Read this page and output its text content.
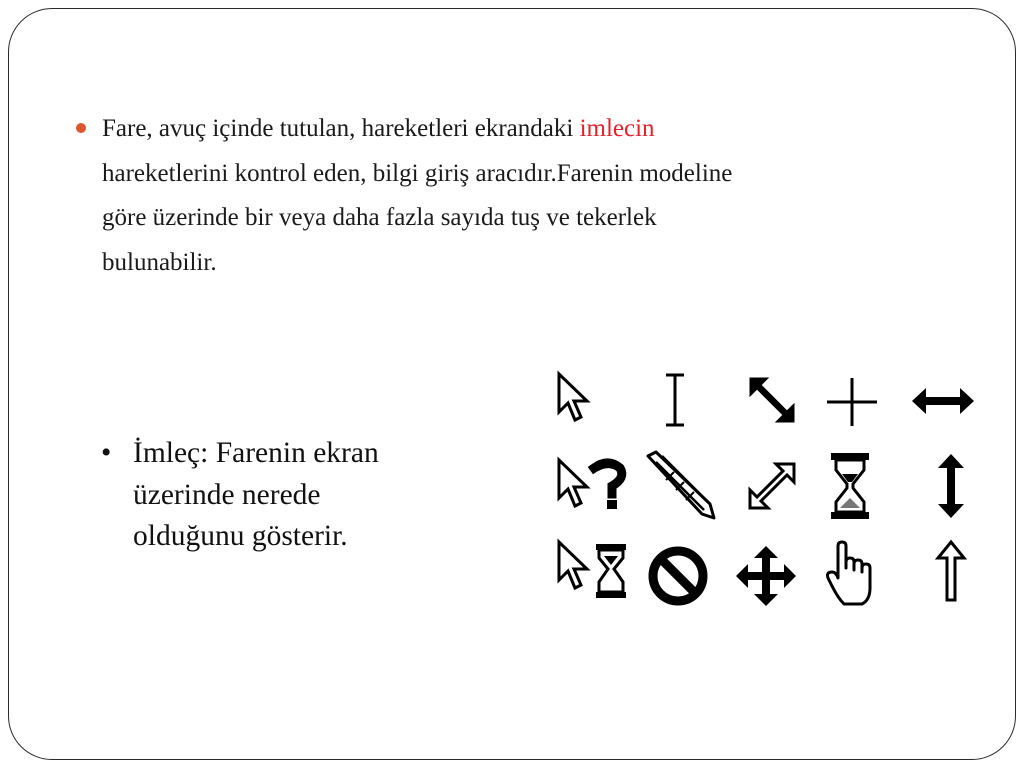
Fare, avuç içinde tutulan, hareketleri ekrandaki imlecin
hareketlerini kontrol eden, bilgi giriş aracıdır.Farenin modeline
göre üzerinde bir veya daha fazla sayıda tuş ve tekerlek
bulunabilir.
• İmleç: Farenin ekran
üzerinde nerede
olduğunu gösterir.
